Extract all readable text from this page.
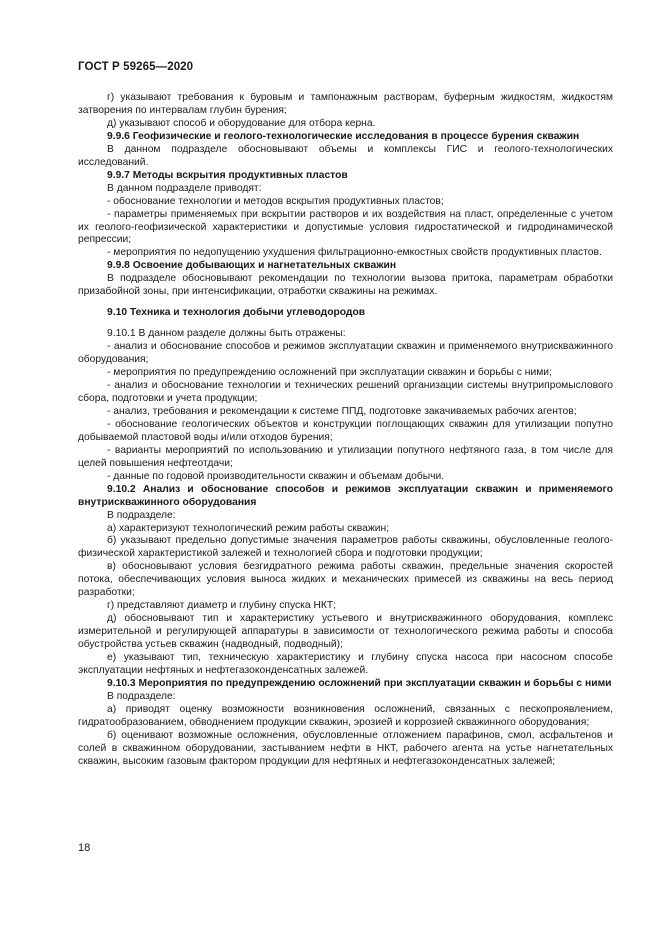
ГОСТ Р 59265—2020

г) указывают требования к буровым и тампонажным растворам, буферным жидкостям, жидкостям затворения по интервалам глубин бурения;

д) указывают способ и оборудование для отбора керна.

9.9.6 Геофизические и геолого-технологические исследования в процессе бурения скважин

В данном подразделе обосновывают объемы и комплексы ГИС и геолого-технологических исследований.

9.9.7 Методы вскрытия продуктивных пластов

В данном подразделе приводят:

- обоснование технологии и методов вскрытия продуктивных пластов;

- параметры применяемых при вскрытии растворов и их воздействия на пласт, определенные с учетом их геолого-геофизической характеристики и допустимые условия гидростатической и гидродинамической репрессии;

- мероприятия по недопущению ухудшения фильтрационно-емкостных свойств продуктивных пластов.

9.9.8 Освоение добывающих и нагнетательных скважин

В подразделе обосновывают рекомендации по технологии вызова притока, параметрам обработки призабойной зоны, при интенсификации, отработки скважины на режимах.

9.10 Техника и технология добычи углеводородов

9.10.1 В данном разделе должны быть отражены:

- анализ и обоснование способов и режимов эксплуатации скважин и применяемого внутрискважинного оборудования;

- мероприятия по предупреждению осложнений при эксплуатации скважин и борьбы с ними;

- анализ и обоснование технологии и технических решений организации системы внутрипромыслового сбора, подготовки и учета продукции;

- анализ, требования и рекомендации к системе ППД, подготовке закачиваемых рабочих агентов;

- обоснование геологических объектов и конструкции поглощающих скважин для утилизации попутно добываемой пластовой воды и/или отходов бурения;

- варианты мероприятий по использованию и утилизации попутного нефтяного газа, в том числе для целей повышения нефтеотдачи;

- данные по годовой производительности скважин и объемам добычи.

9.10.2 Анализ и обоснование способов и режимов эксплуатации скважин и применяемого внутрискважинного оборудования

В подразделе:

а) характеризуют технологический режим работы скважин;

б) указывают предельно допустимые значения параметров работы скважины, обусловленные геолого-физической характеристикой залежей и технологией сбора и подготовки продукции;

в) обосновывают условия безгидратного режима работы скважин, предельные значения скоростей потока, обеспечивающих условия выноса жидких и механических примесей из скважины на весь период разработки;

г) представляют диаметр и глубину спуска НКТ;

д) обосновывают тип и характеристику устьевого и внутрискважинного оборудования, комплекс измерительной и регулирующей аппаратуры в зависимости от технологического режима работы и способа обустройства устьев скважин (надводный, подводный);

е) указывают тип, техническую характеристику и глубину спуска насоса при насосном способе эксплуатации нефтяных и нефтегазоконденсатных залежей.

9.10.3 Мероприятия по предупреждению осложнений при эксплуатации скважин и борьбы с ними

В подразделе:

а) приводят оценку возможности возникновения осложнений, связанных с пескопроявлением, гидратообразованием, обводнением продукции скважин, эрозией и коррозией скважинного оборудования;

б) оценивают возможные осложнения, обусловленные отложением парафинов, смол, асфальтенов и солей в скважинном оборудовании, застыванием нефти в НКТ, рабочего агента на устье нагнетательных скважин, высоким газовым фактором продукции для нефтяных и нефтегазоконденсатных залежей;

18
